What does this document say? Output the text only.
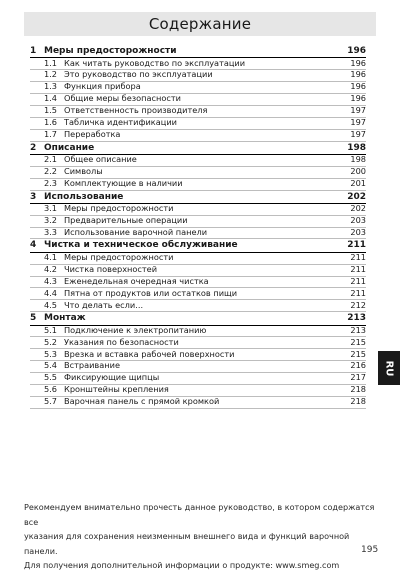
Содержание
1 Меры предосторожности	196
1.1 Как читать руководство по эксплуатации	196
1.2 Это руководство по эксплуатации	196
1.3 Функция прибора	196
1.4 Общие меры безопасности	196
1.5 Ответственность производителя	197
1.6 Табличка идентификации	197
1.7 Переработка	197
2 Описание	198
2.1 Общее описание	198
2.2 Символы	200
2.3 Комплектующие в наличии	201
3 Использование	202
3.1 Меры предосторожности	202
3.2 Предварительные операции	203
3.3 Использование варочной панели	203
4 Чистка и техническое обслуживание	211
4.1 Меры предосторожности	211
4.2 Чистка поверхностей	211
4.3 Еженедельная очередная чистка	211
4.4 Пятна от продуктов или остатков пищи	211
4.5 Что делать если...	212
5 Монтаж	213
5.1 Подключение к электропитанию	213
5.2 Указания по безопасности	215
5.3 Врезка и вставка рабочей поверхности	215
5.4 Встраивание	216
5.5 Фиксирующие щипцы	217
5.6 Кронштейны крепления	218
5.7 Варочная панель с прямой кромкой	218
RU
Рекомендуем внимательно прочесть данное руководство, в котором содержатся все
указания для сохранения неизменным внешнего вида и функций варочной панели.
Для получения дополнительной информации о продукте: www.smeg.com
195
